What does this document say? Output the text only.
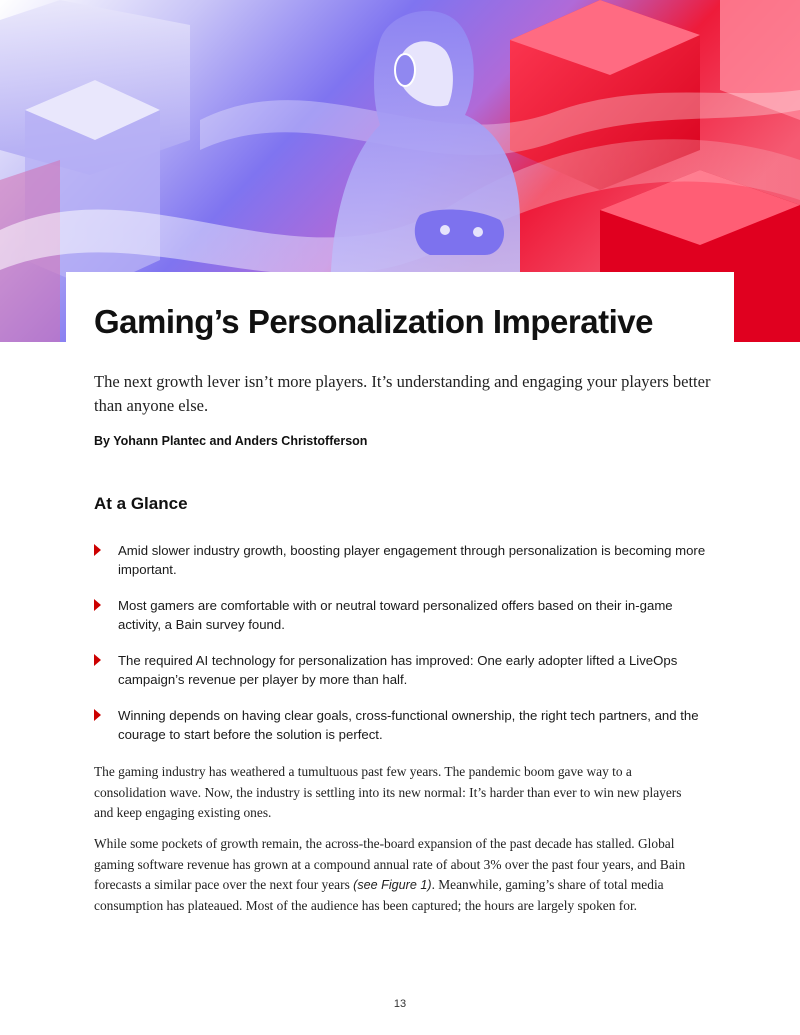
Gaming’s Personalization Imperative

The next growth lever isn’t more players. It’s understanding and engaging your players better than anyone else.

By Yohann Plantec and Anders Christofferson

At a Glance
Amid slower industry growth, boosting player engagement through personalization is becoming more important.
Most gamers are comfortable with or neutral toward personalized offers based on their in-game activity, a Bain survey found.
The required AI technology for personalization has improved: One early adopter lifted a LiveOps campaign’s revenue per player by more than half.
Winning depends on having clear goals, cross-functional ownership, the right tech partners, and the courage to start before the solution is perfect.

The gaming industry has weathered a tumultuous past few years. The pandemic boom gave way to a consolidation wave. Now, the industry is settling into its new normal: It’s harder than ever to win new players and keep engaging existing ones.

While some pockets of growth remain, the across-the-board expansion of the past decade has stalled. Global gaming software revenue has grown at a compound annual rate of about 3% over the past four years, and Bain forecasts a similar pace over the next four years (see Figure 1). Meanwhile, gaming’s share of total media consumption has plateaued. Most of the audience has been captured; the hours are largely spoken for.

13
